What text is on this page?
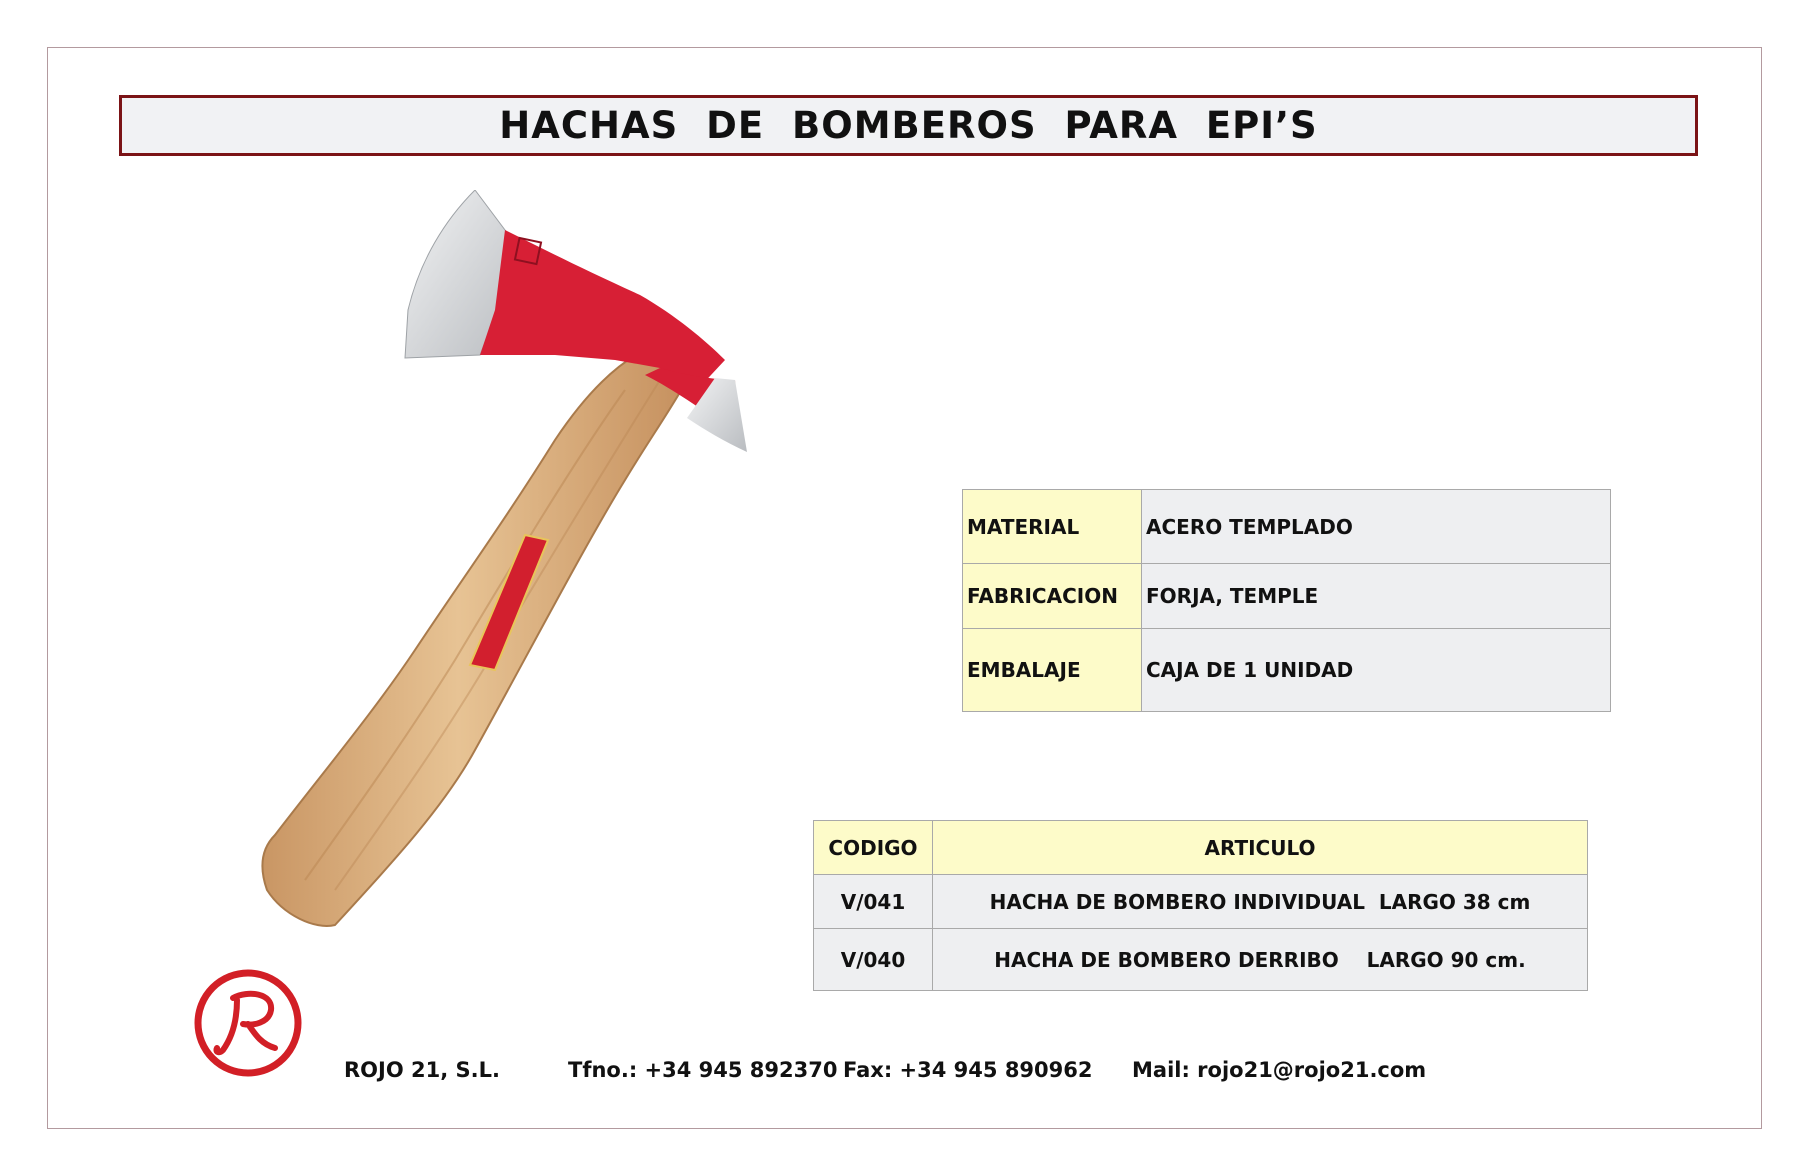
HACHAS DE BOMBEROS PARA EPI’S
MATERIAL	ACERO TEMPLADO
FABRICACION	FORJA, TEMPLE
EMBALAJE	CAJA DE 1 UNIDAD
CODIGO	ARTICULO
V/041	HACHA DE BOMBERO INDIVIDUAL  LARGO 38 cm
V/040	HACHA DE BOMBERO DERRIBO    LARGO 90 cm.
ROJO 21, S.L.	Tfno.: +34 945 892370 Fax: +34 945 890962 Mail: rojo21@rojo21.com
